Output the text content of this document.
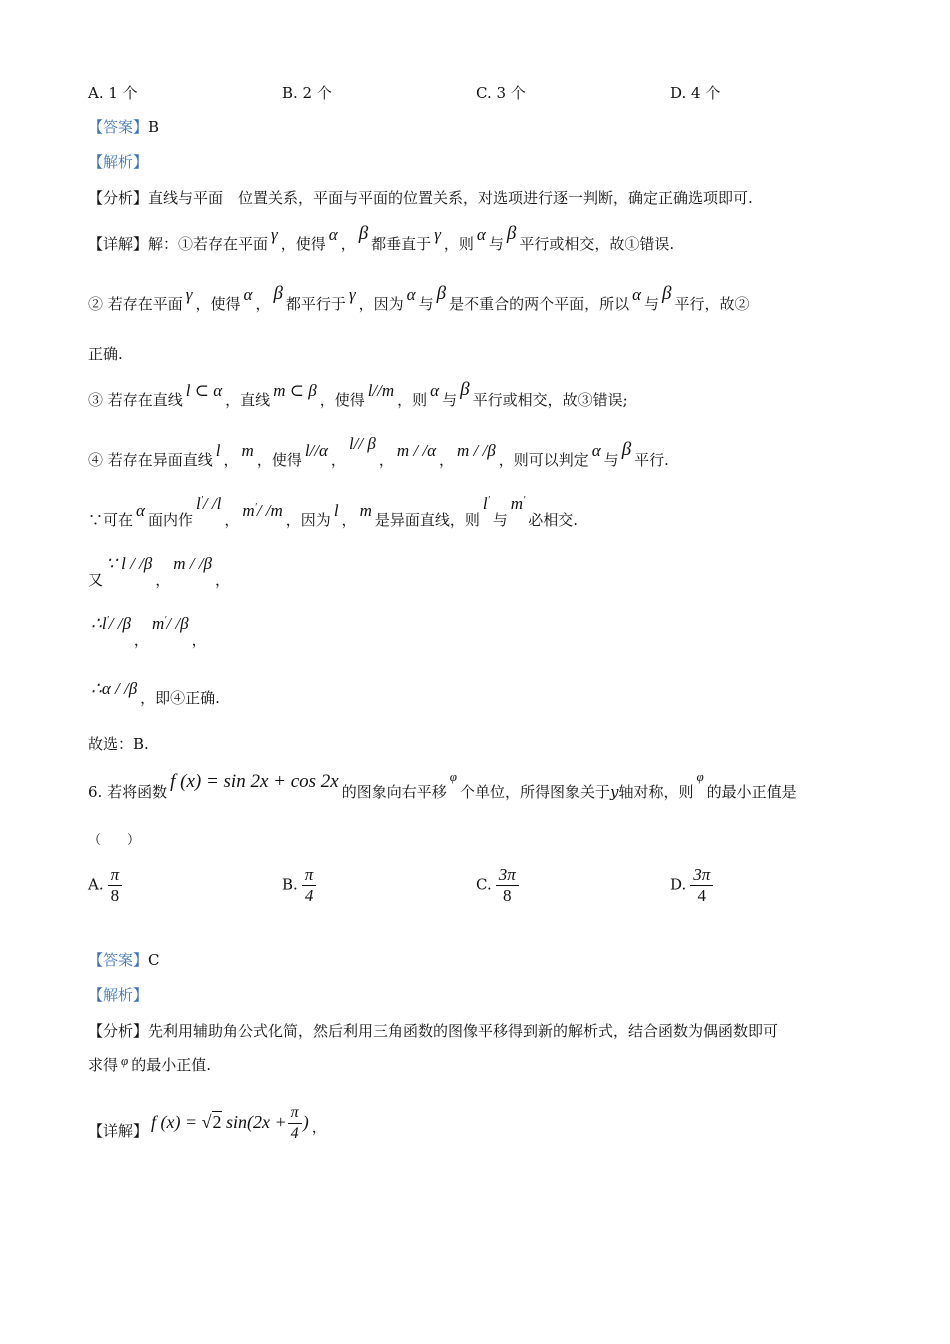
A. 1 个	B. 2 个	C. 3 个	D. 4 个
【答案】B
【解析】
【分析】直线与平面　位置关系，平面与平面的位置关系，对选项进行逐一判断，确定正确选项即可.
【详解】解：①若存在平面 γ ，使得 α ， β 都垂直于 γ ，则 α 与 β 平行或相交，故①错误.
② 若存在平面 γ ，使得 α ， β 都平行于 γ ，因为 α 与 β 是不重合的两个平面，所以 α 与 β 平行，故②
正确.
③ 若存在直线 l ⊂ α ，直线 m ⊂ β ，使得 l//m ，则 α 与 β 平行或相交，故③错误;
④ 若存在异面直线 l ， m ，使得 l//α ，l// β， m / /α ， m / /β ，则可以判定 α 与 β 平行.
∵可在 α 面内作l′/ /l， m′/ /m ，因为 l ， m 是异面直线，则l′与m′必相交.
又∵ l / /β，m / /β，
∴l′/ /β，m′/ /β，
∴α / /β ，即④正确.
故选：B.
6. 若将函数 f (x) = sin 2x + cos 2x 的图象向右平移φ个单位，所得图象关于y轴对称，则φ的最小正值是
（　　）
A. $\frac{\pi}{8}$	B. $\frac{\pi}{4}$	C. $\frac{3\pi}{8}$	D. $\frac{3\pi}{4}$
【答案】C
【解析】
【分析】先利用辅助角公式化简，然后利用三角函数的图像平移得到新的解析式，结合函数为偶函数即可
求得 φ 的最小正值.
【详解】 f (x) = √2 $\sin(2x + \frac{\pi}{4}$ ) ，
